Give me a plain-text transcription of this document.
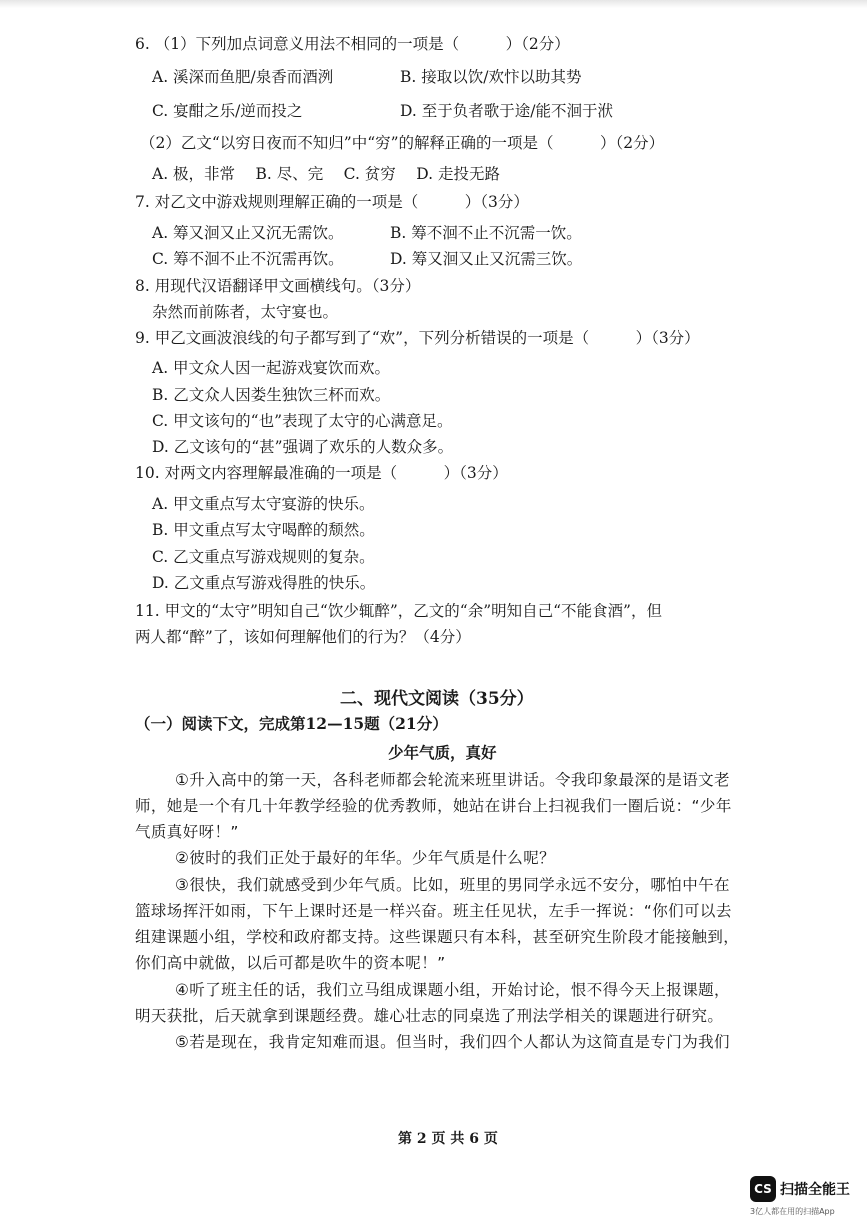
6. （1）下列加点词意义用法不相同的一项是（　　　）（2分）
A. 溪深而鱼肥/泉香而酒洌	B. 接取以饮/欢忭以助其势
C. 宴酣之乐/逆而投之	D. 至于负者歌于途/能不洄于洑
（2）乙文“以穷日夜而不知归”中“穷”的解释正确的一项是（　　　）（2分）
A. 极，非常　 B. 尽、完　 C. 贫穷　 D. 走投无路
7. 对乙文中游戏规则理解正确的一项是（　　　）（3分）
A. 筹又洄又止又沉无需饮。	B. 筹不洄不止不沉需一饮。
C. 筹不洄不止不沉需再饮。	D. 筹又洄又止又沉需三饮。
8. 用现代汉语翻译甲文画横线句。（3分）
杂然而前陈者，太守宴也。
9. 甲乙文画波浪线的句子都写到了“欢”，下列分析错误的一项是（　　　）（3分）
A. 甲文众人因一起游戏宴饮而欢。
B. 乙文众人因娄生独饮三杯而欢。
C. 甲文该句的“也”表现了太守的心满意足。
D. 乙文该句的“甚”强调了欢乐的人数众多。
10. 对两文内容理解最准确的一项是（　　　）（3分）
A. 甲文重点写太守宴游的快乐。
B. 甲文重点写太守喝醉的颓然。
C. 乙文重点写游戏规则的复杂。
D. 乙文重点写游戏得胜的快乐。
11. 甲文的“太守”明知自己“饮少辄醉”，乙文的“余”明知自己“不能食酒”，但
两人都“醉”了，该如何理解他们的行为？（4分）
二、现代文阅读（35分）
（一）阅读下文，完成第12—15题（21分）
少年气质，真好
①升入高中的第一天，各科老师都会轮流来班里讲话。令我印象最深的是语文老
师，她是一个有几十年教学经验的优秀教师，她站在讲台上扫视我们一圈后说：“少年
气质真好呀！”
②彼时的我们正处于最好的年华。少年气质是什么呢？
③很快，我们就感受到少年气质。比如，班里的男同学永远不安分，哪怕中午在
篮球场挥汗如雨，下午上课时还是一样兴奋。班主任见状，左手一挥说：“你们可以去
组建课题小组，学校和政府都支持。这些课题只有本科，甚至研究生阶段才能接触到，
你们高中就做，以后可都是吹牛的资本呢！”
④听了班主任的话，我们立马组成课题小组，开始讨论，恨不得今天上报课题，
明天获批，后天就拿到课题经费。雄心壮志的同桌选了刑法学相关的课题进行研究。
⑤若是现在，我肯定知难而退。但当时，我们四个人都认为这简直是专门为我们
第 2 页 共 6 页
CS 扫描全能王
3亿人都在用的扫描App
